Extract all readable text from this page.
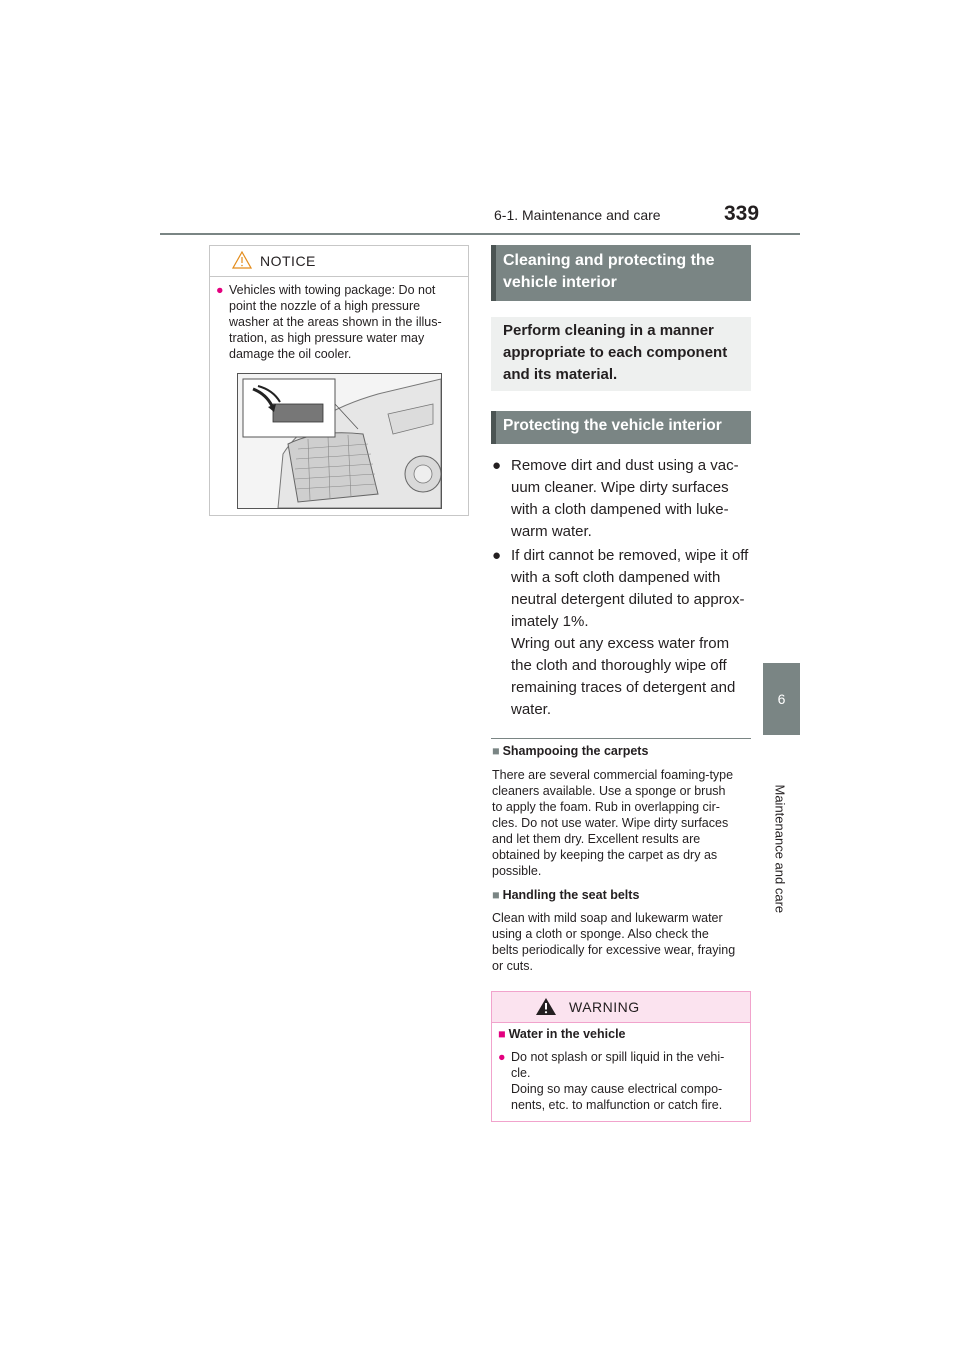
6-1. Maintenance and care	339
6
Maintenance and care
NOTICE
● Vehicles with towing package: Do not
point the nozzle of a high pressure
washer at the areas shown in the illus-
tration, as high pressure water may
damage the oil cooler.
Cleaning and protecting the vehicle interior
Perform cleaning in a manner
appropriate to each component
and its material.
Protecting the vehicle interior
● Remove dirt and dust using a vac-
uum cleaner. Wipe dirty surfaces
with a cloth dampened with luke-
warm water.
● If dirt cannot be removed, wipe it off
with a soft cloth dampened with
neutral detergent diluted to approx-
imately 1%.
Wring out any excess water from
the cloth and thoroughly wipe off
remaining traces of detergent and
water.
■ Shampooing the carpets
There are several commercial foaming-type
cleaners available. Use a sponge or brush
to apply the foam. Rub in overlapping cir-
cles. Do not use water. Wipe dirty surfaces
and let them dry. Excellent results are
obtained by keeping the carpet as dry as
possible.
■ Handling the seat belts
Clean with mild soap and lukewarm water
using a cloth or sponge. Also check the
belts periodically for excessive wear, fraying
or cuts.
WARNING
■ Water in the vehicle
● Do not splash or spill liquid in the vehi-
cle.
Doing so may cause electrical compo-
nents, etc. to malfunction or catch fire.
